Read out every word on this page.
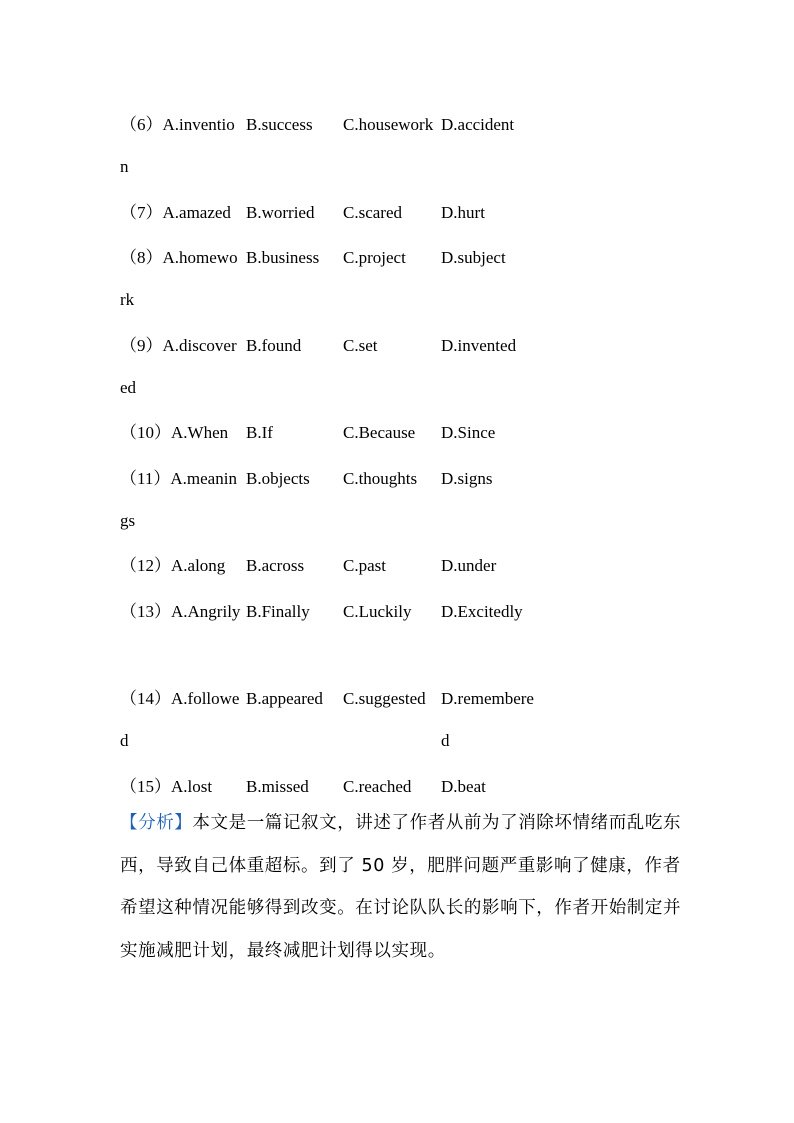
（6）A.invention
B.success	C.housework D.accident
（7）A.amazed B.worried	C.scared	D.hurt
（8）A.homework
B.business	C.project	D.subject
（9）A.discovered
B.found	C.set	D.invented
（10）A.When	B.If	C.Because	D.Since
（11）A.meanings
B.objects	C.thoughts	D.signs
（12）A.along	B.across	C.past	D.under
（13）A.Angrily B.Finally	C.Luckily	D.Excitedly
（14）A.followed
B.appeared	C.suggested D.remembered
（15）A.lost	B.missed	C.reached	D.beat

【分析】本文是一篇记叙文，讲述了作者从前为了消除坏情绪而乱吃东西，导致自己体重超标。到了 50 岁，肥胖问题严重影响了健康，作者希望这种情况能够得到改变。在讨论队队长的影响下，作者开始制定并实施减肥计划，最终减肥计划得以实现。
